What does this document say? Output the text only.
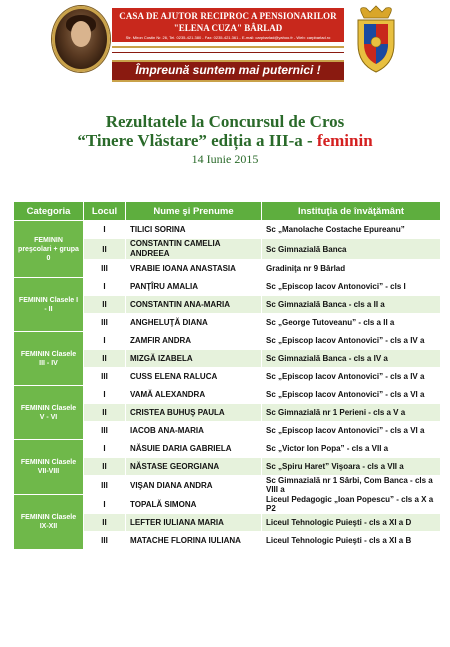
CASA DE AJUTOR RECIPROC A PENSIONARILOR
"ELENA CUZA" BÂRLAD
Str. Miron Costin Nr. 26, Tel. 0235-421.380 - Fax: 0235-421.361 - E-mail: carpbarlad@yahoo.fr - Web: carpbarlad.ro
Împreună suntem mai puternici !
Rezultatele la Concursul de Cros
“Tinere Vlăstare” ediția a III-a - feminin
14 Iunie 2015
Categoria	Locul	Nume şi Prenume	Instituţia de învăţământ
FEMININ preşcolari + grupa 0	I	TILICI SORINA	Sc „Manolache Costache Epureanu”
	II	CONSTANTIN CAMELIA ANDREEA	Sc Gimnazială Banca
	III	VRABIE IOANA ANASTASIA	Gradiniţa nr 9 Bârlad
FEMININ Clasele I - II	I	PANŢÎRU AMALIA	Sc „Episcop Iacov Antonovici” - cls I
	II	CONSTANTIN ANA-MARIA	Sc Gimnazială Banca - cls a II a
	III	ANGHELUŢĂ DIANA	Sc „George Tutoveanu” - cls a II a
FEMININ Clasele III - IV	I	ZAMFIR ANDRA	Sc „Episcop Iacov Antonovici” - cls a IV a
	II	MIZGĂ IZABELA	Sc Gimnazială Banca - cls a IV a
	III	CUSS ELENA RALUCA	Sc „Episcop Iacov Antonovici” - cls a IV a
FEMININ Clasele V - VI	I	VAMĂ ALEXANDRA	Sc „Episcop Iacov Antonovici” - cls a VI a
	II	CRISTEA BUHUŞ PAULA	Sc Gimnazială nr 1 Perieni - cls a V a
	III	IACOB ANA-MARIA	Sc „Episcop Iacov Antonovici” - cls a VI a
FEMININ Clasele VII-VIII	I	NĂSUIE DARIA GABRIELA	Sc „Victor Ion Popa” - cls a VII a
	II	NĂSTASE GEORGIANA	Sc „Spiru Haret” Vişoara - cls a VII a
	III	VIŞAN DIANA ANDRA	Sc Gimnazială nr 1 Sârbi, Com Banca - cls a VIII a
FEMININ Clasele IX-XII	I	TOPALĂ SIMONA	Liceul Pedagogic „Ioan Popescu” - cls a X a P2
	II	LEFTER IULIANA MARIA	Liceul Tehnologic Puieşti - cls a XI a D
	III	MATACHE FLORINA IULIANA	Liceul Tehnologic Puieşti - cls a XI a B
